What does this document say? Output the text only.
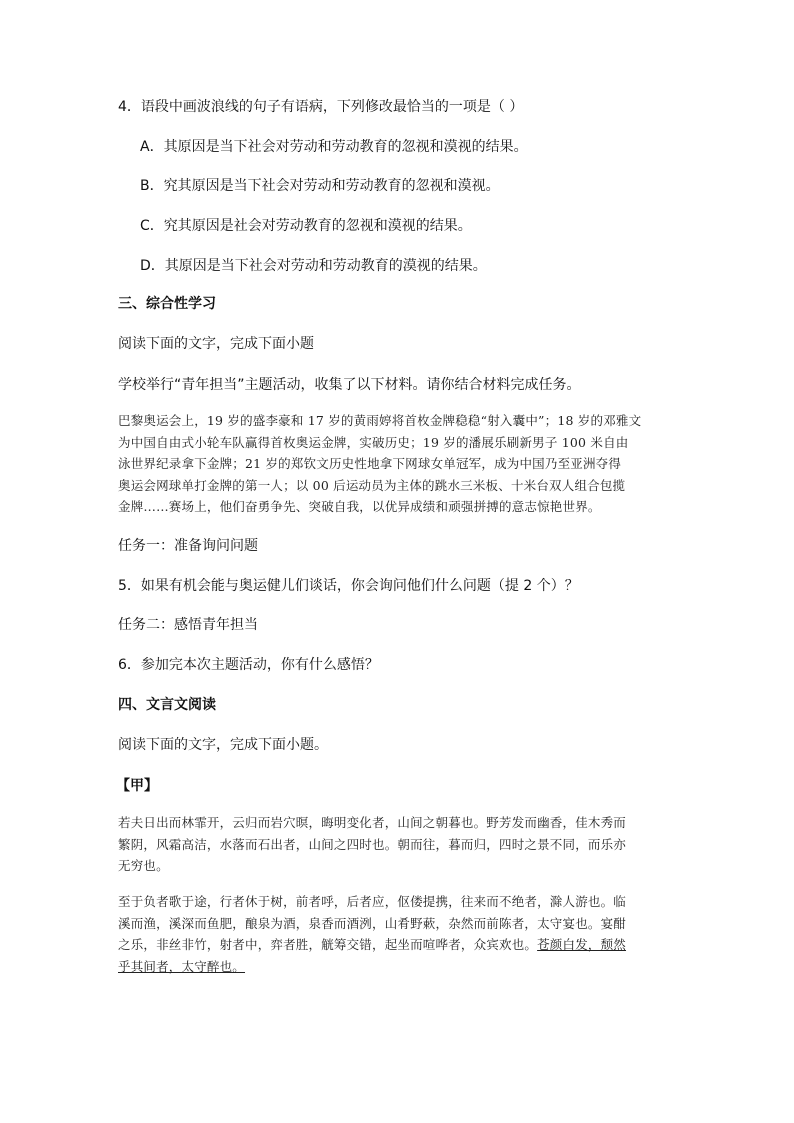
4．语段中画波浪线的句子有语病，下列修改最恰当的一项是（ ）
A．其原因是当下社会对劳动和劳动教育的忽视和漠视的结果。
B．究其原因是当下社会对劳动和劳动教育的忽视和漠视。
C．究其原因是社会对劳动教育的忽视和漠视的结果。
D．其原因是当下社会对劳动和劳动教育的漠视的结果。
三、综合性学习
阅读下面的文字，完成下面小题
学校举行“青年担当”主题活动，收集了以下材料。请你结合材料完成任务。
巴黎奥运会上，19 岁的盛李豪和 17 岁的黄雨婷将首枚金牌稳稳“射入囊中”；18 岁的邓雅文
为中国自由式小轮车队赢得首枚奥运金牌，实破历史；19 岁的潘展乐刷新男子 100 米自由
泳世界纪录拿下金牌；21 岁的郑钦文历史性地拿下网球女单冠军，成为中国乃至亚洲夺得
奥运会网球单打金牌的第一人；以 00 后运动员为主体的跳水三米板、十米台双人组合包揽
金牌……赛场上，他们奋勇争先、突破自我，以优异成绩和顽强拼搏的意志惊艳世界。
任务一：准备询问问题
5．如果有机会能与奥运健儿们谈话，你会询问他们什么问题（提 2 个）？
任务二：感悟青年担当
6．参加完本次主题活动，你有什么感悟？
四、文言文阅读
阅读下面的文字，完成下面小题。
【甲】
若夫日出而林霏开，云归而岩穴暝，晦明变化者，山间之朝暮也。野芳发而幽香，佳木秀而
繁阴，风霜高洁，水落而石出者，山间之四时也。朝而往，暮而归，四时之景不同，而乐亦
无穷也。
至于负者歌于途，行者休于树，前者呼，后者应，伛偻提携，往来而不绝者，滁人游也。临
溪而渔，溪深而鱼肥，酿泉为酒，泉香而酒洌，山肴野蔌，杂然而前陈者，太守宴也。宴酣
之乐，非丝非竹，射者中，弈者胜，觥筹交错，起坐而喧哗者，众宾欢也。苍颜白发，颓然
乎其间者，太守醉也。
